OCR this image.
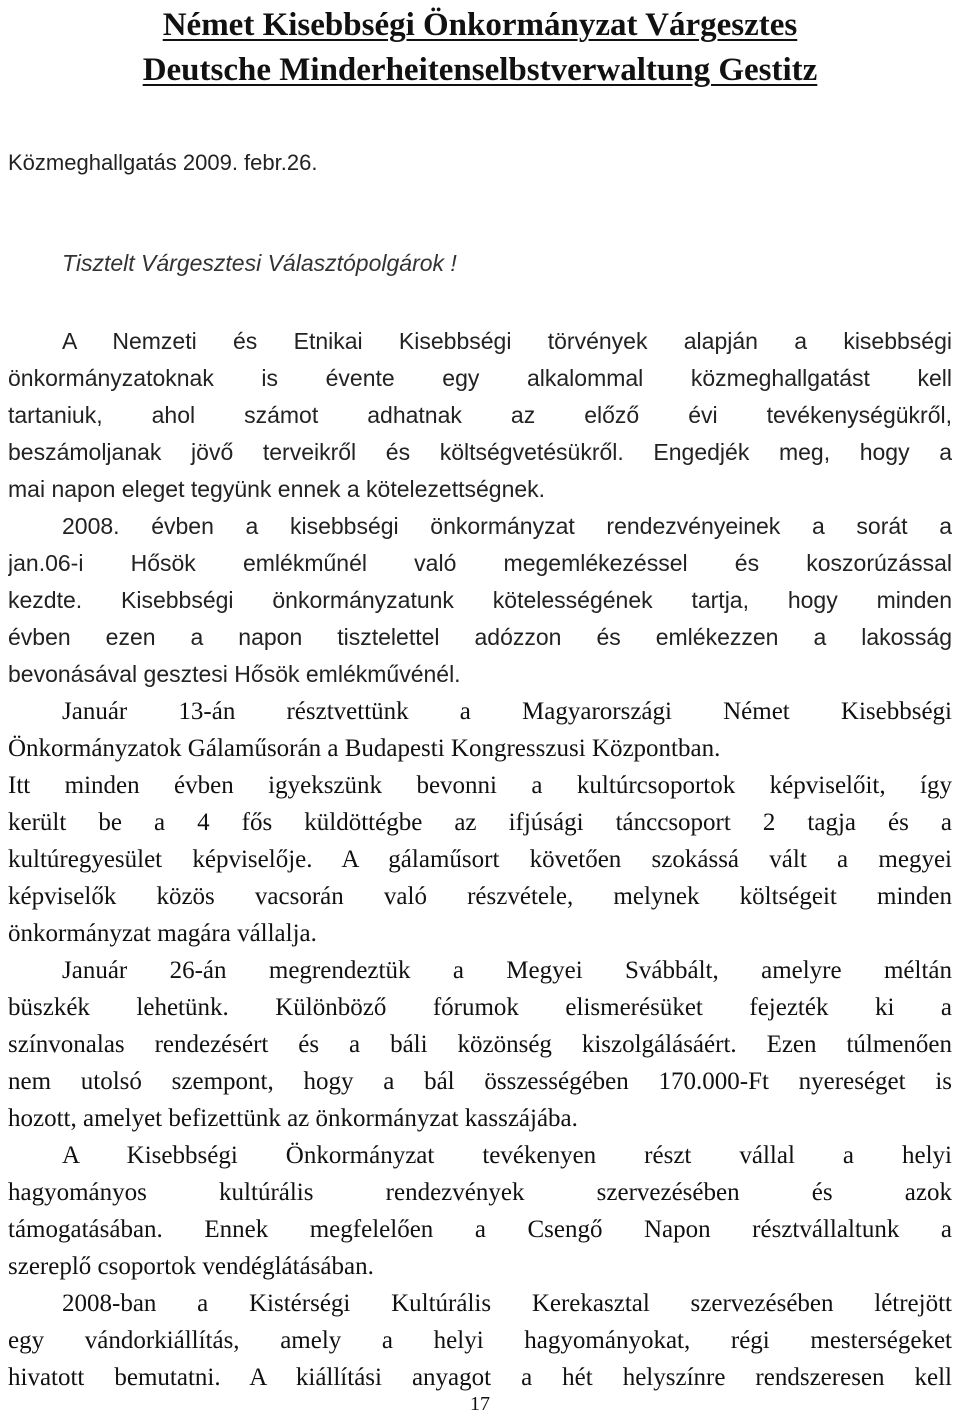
Német Kisebbségi Önkormányzat Várgesztes
Deutsche Minderheitenselbstverwaltung Gestitz
Közmeghallgatás 2009. febr.26.
Tisztelt Várgesztesi Választópolgárok !
A Nemzeti és Etnikai Kisebbségi törvények alapján a kisebbségi
önkormányzatoknak is évente egy alkalommal közmeghallgatást kell
tartaniuk, ahol számot adhatnak az előző évi tevékenységükről,
beszámoljanak jövő terveikről és költségvetésükről. Engedjék meg, hogy a
mai napon eleget tegyünk ennek a kötelezettségnek.
2008. évben a kisebbségi önkormányzat rendezvényeinek a sorát a
jan.06-i Hősök emlékműnél való megemlékezéssel és koszorúzással
kezdte. Kisebbségi önkormányzatunk kötelességének tartja, hogy minden
évben ezen a napon tisztelettel adózzon és emlékezzen a lakosság
bevonásával gesztesi Hősök emlékművénél.
Január 13-án résztvettünk a Magyarországi Német Kisebbségi
Önkormányzatok Gálaműsorán a Budapesti Kongresszusi Központban.
Itt minden évben igyekszünk bevonni a kultúrcsoportok képviselőit, így
került be a 4 fős küldöttégbe az ifjúsági tánccsoport 2 tagja és a
kultúregyesület képviselője. A gálaműsort követően szokássá vált a megyei
képviselők közös vacsorán való részvétele, melynek költségeit minden
önkormányzat magára vállalja.
Január 26-án megrendeztük a Megyei Svábbált, amelyre méltán
büszkék lehetünk. Különböző fórumok elismerésüket fejezték ki a
színvonalas rendezésért és a báli közönség kiszolgálásáért. Ezen túlmenően
nem utolsó szempont, hogy a bál összességében 170.000-Ft nyereséget is
hozott, amelyet befizettünk az önkormányzat kasszájába.
A Kisebbségi Önkormányzat tevékenyen részt vállal a helyi
hagyományos kultúrális rendezvények szervezésében és azok
támogatásában. Ennek megfelelően a Csengő Napon résztvállaltunk a
szereplő csoportok vendéglátásában.
2008-ban a Kistérségi Kultúrális Kerekasztal szervezésében létrejött
egy vándorkiállítás, amely a helyi hagyományokat, régi mesterségeket
hivatott bemutatni. A kiállítási anyagot a hét helyszínre rendszeresen kell
17
